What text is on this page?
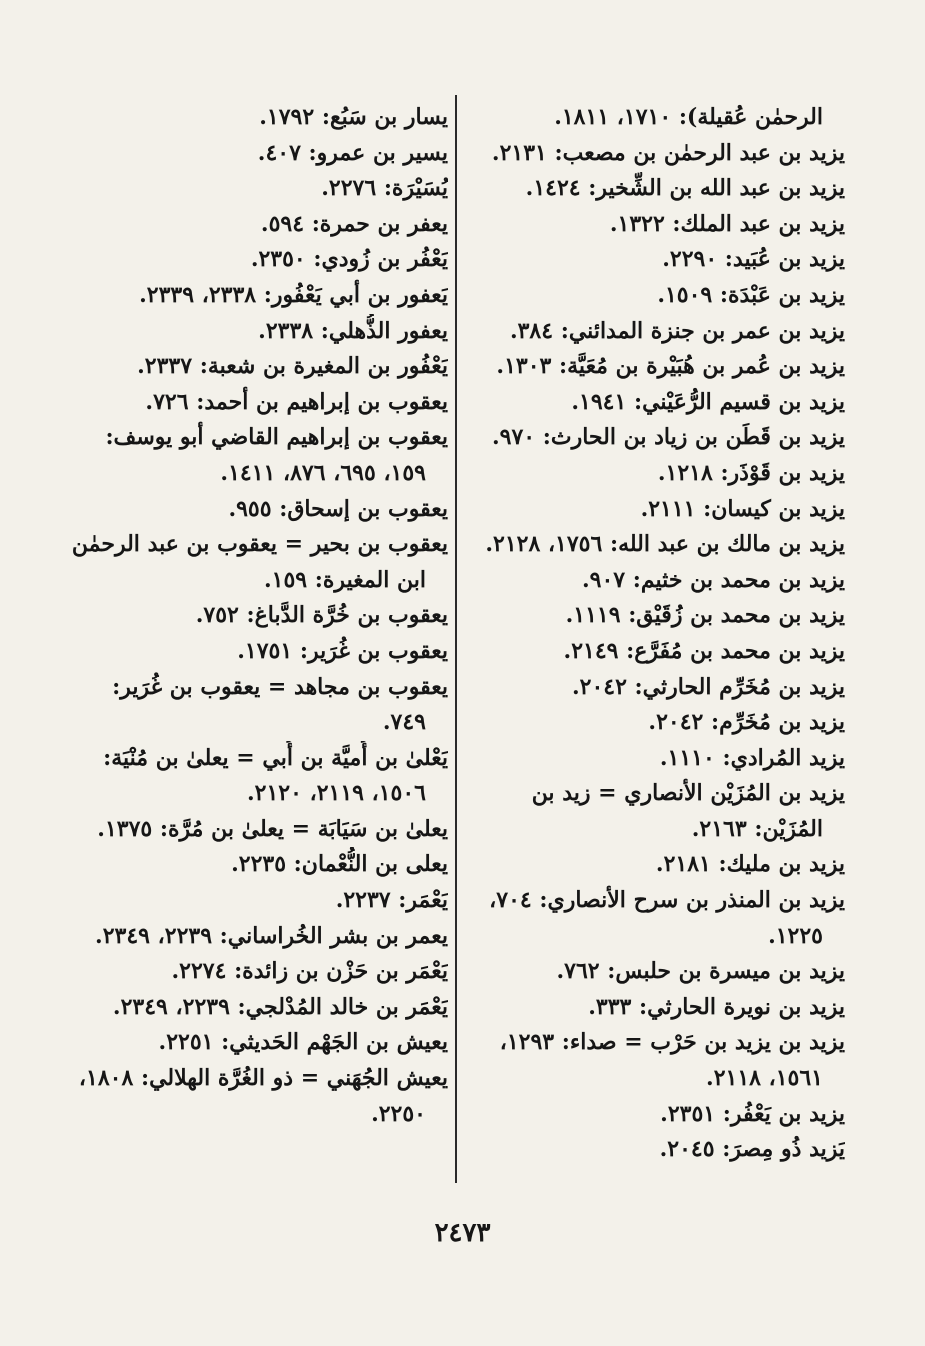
الرحمٰن عُقيلة): ١٧١٠، ١٨١١.

يزيد بن عبد الرحمٰن بن مصعب: ٢١٣١.

يزيد بن عبد الله بن الشِّخير: ١٤٢٤.

يزيد بن عبد الملك: ١٣٢٢.

يزيد بن عُبَيد: ٢٢٩٠.

يزيد بن عَبْدَة: ١٥٠٩.

يزيد بن عمر بن جنزة المدائني: ٣٨٤.

يزيد بن عُمر بن هُبَيْرة بن مُعَيَّة: ١٣٠٣.

يزيد بن قسيم الرُّعَيْني: ١٩٤١.

يزيد بن قَطَن بن زياد بن الحارث: ٩٧٠.

يزيد بن قَوْذَر: ١٢١٨.

يزيد بن كيسان: ٢١١١.

يزيد بن مالك بن عبد الله: ١٧٥٦، ٢١٢٨.

يزيد بن محمد بن خثيم: ٩٠٧.

يزيد بن محمد بن زُقَيْق: ١١١٩.

يزيد بن محمد بن مُفَرَّع: ٢١٤٩.

يزيد بن مُخَرِّم الحارثي: ٢٠٤٢.

يزيد بن مُخَرِّم: ٢٠٤٢.

يزيد المُرادي: ١١١٠.

يزيد بن المُزَيْن الأنصاري = زيد بن

المُزَيْن: ٢١٦٣.

يزيد بن مليك: ٢١٨١.

يزيد بن المنذر بن سرح الأنصاري: ٧٠٤،

١٢٢٥.

يزيد بن ميسرة بن حلبس: ٧٦٢.

يزيد بن نويرة الحارثي: ٣٣٣.

يزيد بن يزيد بن حَرْب = صداء: ١٢٩٣،

١٥٦١، ٢١١٨.

يزيد بن يَعْفُر: ٢٣٥١.

يَزيد ذُو مِصرَ: ٢٠٤٥.

يسار بن سَبُع: ١٧٩٢.

يسير بن عمرو: ٤٠٧.

يُسَيْرَة: ٢٢٧٦.

يعفر بن حمرة: ٥٩٤.

يَعْفُر بن زُودي: ٢٣٥٠.

يَعفور بن أبي يَعْفُور: ٢٣٣٨، ٢٣٣٩.

يعفور الذُّهلي: ٢٣٣٨.

يَعْفُور بن المغيرة بن شعبة: ٢٣٣٧.

يعقوب بن إبراهيم بن أحمد: ٧٢٦.

يعقوب بن إبراهيم القاضي أبو يوسف:

١٥٩، ٦٩٥، ٨٧٦، ١٤١١.

يعقوب بن إسحاق: ٩٥٥.

يعقوب بن بحير = يعقوب بن عبد الرحمٰن

ابن المغيرة: ١٥٩.

يعقوب بن خُرَّة الدَّباغ: ٧٥٢.

يعقوب بن غُرَير: ١٧٥١.

يعقوب بن مجاهد = يعقوب بن غُرَير:

٧٤٩.

يَعْلىٰ بن أُميَّة بن أُبي = يعلىٰ بن مُنْيَة:

١٥٠٦، ٢١١٩، ٢١٢٠.

يعلىٰ بن سَيَابَة = يعلىٰ بن مُرَّة: ١٣٧٥.

يعلى بن النُّعْمان: ٢٢٣٥.

يَعْمَر: ٢٢٣٧.

يعمر بن بشر الخُراساني: ٢٢٣٩، ٢٣٤٩.

يَعْمَر بن حَزْن بن زائدة: ٢٢٧٤.

يَعْمَر بن خالد المُدْلجي: ٢٢٣٩، ٢٣٤٩.

يعيش بن الجَهْم الحَديثي: ٢٢٥١.

يعيش الجُهَني = ذو الغُرَّة الهلالي: ١٨٠٨،

٢٢٥٠.

٢٤٧٣
